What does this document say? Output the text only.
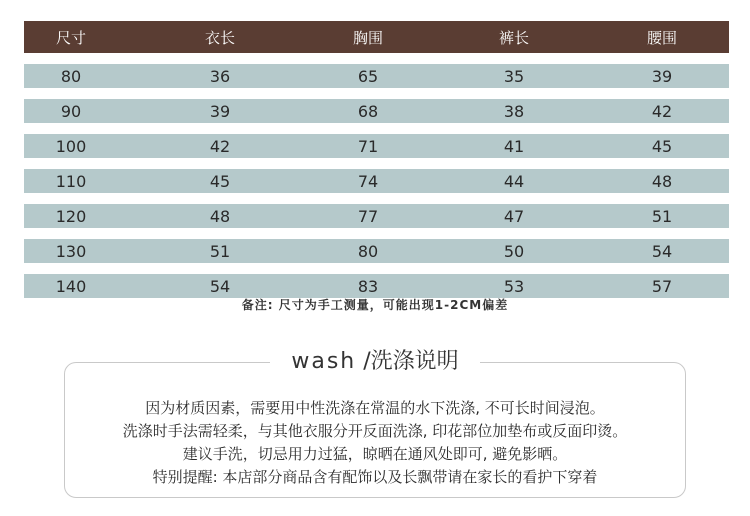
尺寸	衣长	胸围	裤长	腰围
80	36	65	35	39
90	39	68	38	42
100	42	71	41	45
110	45	74	44	48
120	48	77	47	51
130	51	80	50	54
140	54	83	53	57
备注: 尺寸为手工测量，可能出现1-2CM偏差
wash /洗涤说明
因为材质因素，需要用中性洗涤在常温的水下洗涤, 不可长时间浸泡。
洗涤时手法需轻柔，与其他衣服分开反面洗涤, 印花部位加垫布或反面印烫。
建议手洗，切忌用力过猛，晾晒在通风处即可, 避免影晒。
特别提醒: 本店部分商品含有配饰以及长飘带请在家长的看护下穿着
